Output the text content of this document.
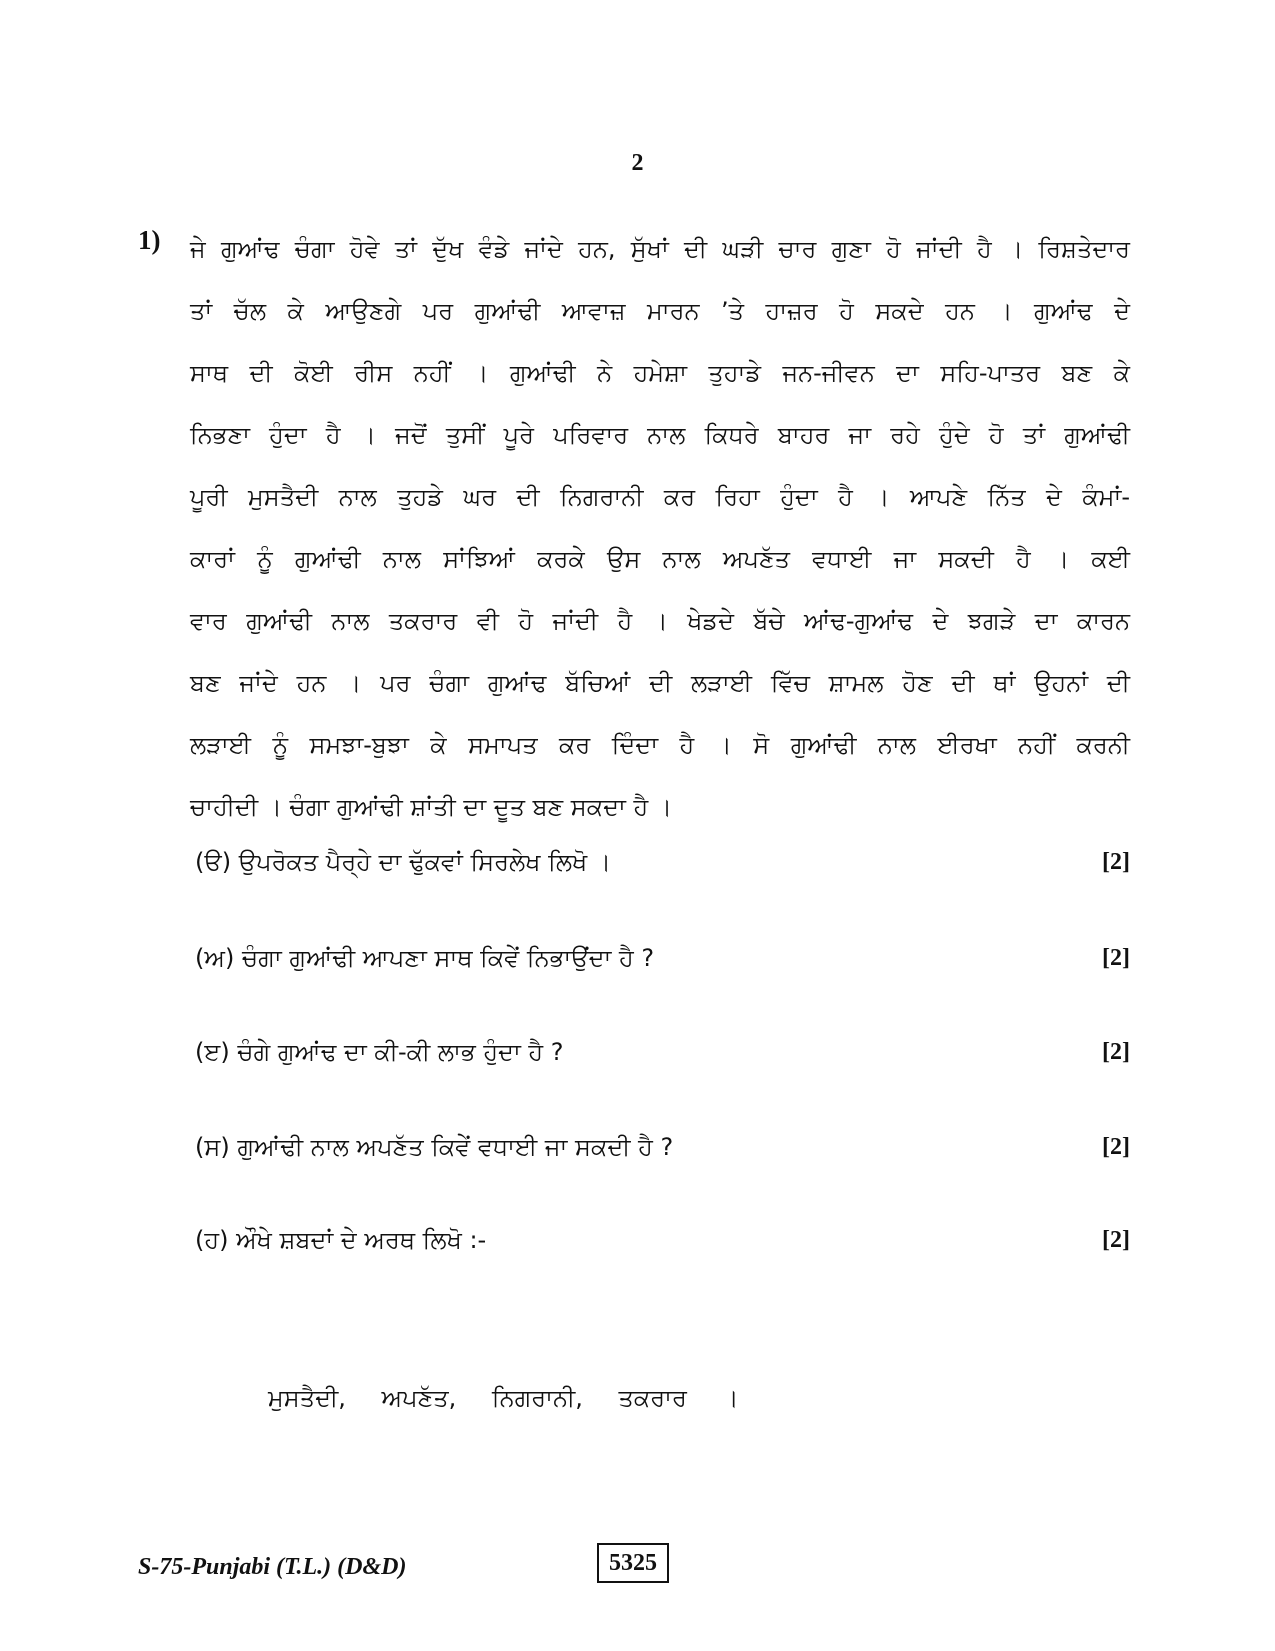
2
1) ਜੇ ਗੁਆਂਢ ਚੰਗਾ ਹੋਵੇ ਤਾਂ ਦੁੱਖ ਵੰਡੇ ਜਾਂਦੇ ਹਨ, ਸੁੱਖਾਂ ਦੀ ਘੜੀ ਚਾਰ ਗੁਣਾ ਹੋ ਜਾਂਦੀ ਹੈ । ਰਿਸ਼ਤੇਦਾਰ
ਤਾਂ ਚੱਲ ਕੇ ਆਉਣਗੇ ਪਰ ਗੁਆਂਢੀ ਆਵਾਜ਼ ਮਾਰਨ ’ਤੇ ਹਾਜ਼ਰ ਹੋ ਸਕਦੇ ਹਨ । ਗੁਆਂਢ ਦੇ
ਸਾਥ ਦੀ ਕੋਈ ਰੀਸ ਨਹੀਂ । ਗੁਆਂਢੀ ਨੇ ਹਮੇਸ਼ਾ ਤੁਹਾਡੇ ਜਨ-ਜੀਵਨ ਦਾ ਸਹਿ-ਪਾਤਰ ਬਣ ਕੇ
ਨਿਭਣਾ ਹੁੰਦਾ ਹੈ । ਜਦੋਂ ਤੁਸੀਂ ਪੂਰੇ ਪਰਿਵਾਰ ਨਾਲ ਕਿਧਰੇ ਬਾਹਰ ਜਾ ਰਹੇ ਹੁੰਦੇ ਹੋ ਤਾਂ ਗੁਆਂਢੀ
ਪੂਰੀ ਮੁਸਤੈਦੀ ਨਾਲ ਤੁਹਡੇ ਘਰ ਦੀ ਨਿਗਰਾਨੀ ਕਰ ਰਿਹਾ ਹੁੰਦਾ ਹੈ । ਆਪਣੇ ਨਿੱਤ ਦੇ ਕੰਮਾਂ-
ਕਾਰਾਂ ਨੂੰ ਗੁਆਂਢੀ ਨਾਲ ਸਾਂਝਿਆਂ ਕਰਕੇ ਉਸ ਨਾਲ ਅਪਣੱਤ ਵਧਾਈ ਜਾ ਸਕਦੀ ਹੈ । ਕਈ
ਵਾਰ ਗੁਆਂਢੀ ਨਾਲ ਤਕਰਾਰ ਵੀ ਹੋ ਜਾਂਦੀ ਹੈ । ਖੇਡਦੇ ਬੱਚੇ ਆਂਢ-ਗੁਆਂਢ ਦੇ ਝਗੜੇ ਦਾ ਕਾਰਨ
ਬਣ ਜਾਂਦੇ ਹਨ । ਪਰ ਚੰਗਾ ਗੁਆਂਢ ਬੱਚਿਆਂ ਦੀ ਲੜਾਈ ਵਿੱਚ ਸ਼ਾਮਲ ਹੋਣ ਦੀ ਥਾਂ ਉਹਨਾਂ ਦੀ
ਲੜਾਈ ਨੂੰ ਸਮਝਾ-ਬੁਝਾ ਕੇ ਸਮਾਪਤ ਕਰ ਦਿੰਦਾ ਹੈ । ਸੋ ਗੁਆਂਢੀ ਨਾਲ ਈਰਖਾ ਨਹੀਂ ਕਰਨੀ
ਚਾਹੀਦੀ । ਚੰਗਾ ਗੁਆਂਢੀ ਸ਼ਾਂਤੀ ਦਾ ਦੂਤ ਬਣ ਸਕਦਾ ਹੈ ।
(ੳ) ਉਪਰੋਕਤ ਪੈਰ੍ਹੇ ਦਾ ਢੁੱਕਵਾਂ ਸਿਰਲੇਖ ਲਿਖੋ ।	[2]
(ਅ) ਚੰਗਾ ਗੁਆਂਢੀ ਆਪਣਾ ਸਾਥ ਕਿਵੇਂ ਨਿਭਾਉਂਦਾ ਹੈ ?	[2]
(ੲ) ਚੰਗੇ ਗੁਆਂਢ ਦਾ ਕੀ-ਕੀ ਲਾਭ ਹੁੰਦਾ ਹੈ ?	[2]
(ਸ) ਗੁਆਂਢੀ ਨਾਲ ਅਪਣੱਤ ਕਿਵੇਂ ਵਧਾਈ ਜਾ ਸਕਦੀ ਹੈ ?	[2]
(ਹ) ਔਖੇ ਸ਼ਬਦਾਂ ਦੇ ਅਰਥ ਲਿਖੋ :-	[2]
ਮੁਸਤੈਦੀ, ਅਪਣੱਤ, ਨਿਗਰਾਨੀ, ਤਕਰਾਰ ।
S-75-Punjabi (T.L.) (D&D)	5325
